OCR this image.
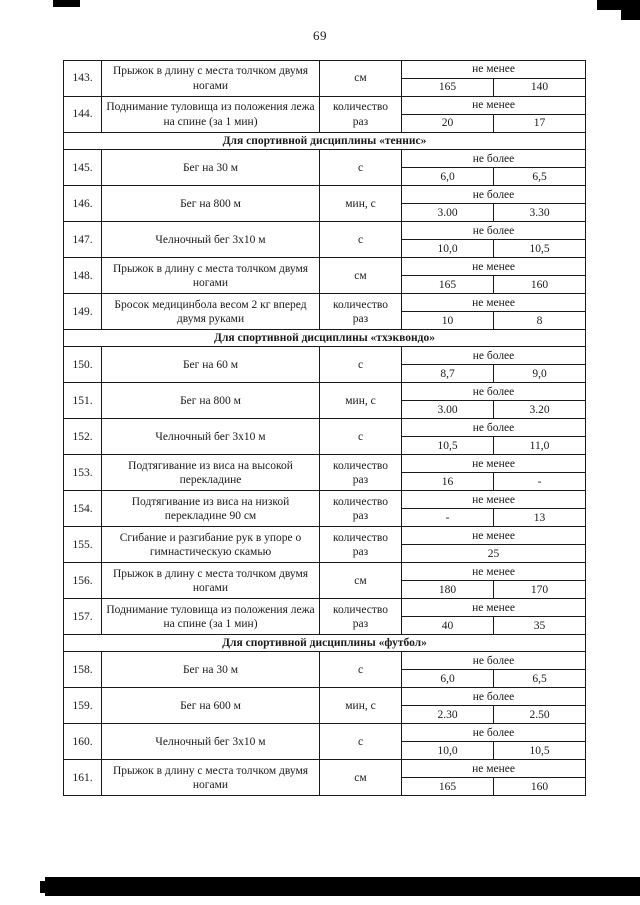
69
143.	Прыжок в длину с места толчком двумя ногами	см	не менее	
			165	140
144.	Поднимание туловища из положения лежа на спине (за 1 мин)	количество раз	не менее	
			20	17
Для спортивной дисциплины «теннис»				
145.	Бег на 30 м	с	не более	
			6,0	6,5
146.	Бег на 800 м	мин, с	не более	
			3.00	3.30
147.	Челночный бег 3х10 м	с	не более	
			10,0	10,5
148.	Прыжок в длину с места толчком двумя ногами	см	не менее	
			165	160
149.	Бросок медицинбола весом 2 кг вперед двумя руками	количество раз	не менее	
			10	8
Для спортивной дисциплины «тхэквондо»				
150.	Бег на 60 м	с	не более	
			8,7	9,0
151.	Бег на 800 м	мин, с	не более	
			3.00	3.20
152.	Челночный бег 3х10 м	с	не более	
			10,5	11,0
153.	Подтягивание из виса на высокой перекладине	количество раз	не менее	
			16	-
154.	Подтягивание из виса на низкой перекладине 90 см	количество раз	не менее	
			-	13
155.	Сгибание и разгибание рук в упоре о гимнастическую скамью	количество раз	не менее	
			25	
156.	Прыжок в длину с места толчком двумя ногами	см	не менее	
			180	170
157.	Поднимание туловища из положения лежа на спине (за 1 мин)	количество раз	не менее	
			40	35
Для спортивной дисциплины «футбол»				
158.	Бег на 30 м	с	не более	
			6,0	6,5
159.	Бег на 600 м	мин, с	не более	
			2.30	2.50
160.	Челночный бег 3х10 м	с	не более	
			10,0	10,5
161.	Прыжок в длину с места толчком двумя ногами	см	не менее	
			165	160
